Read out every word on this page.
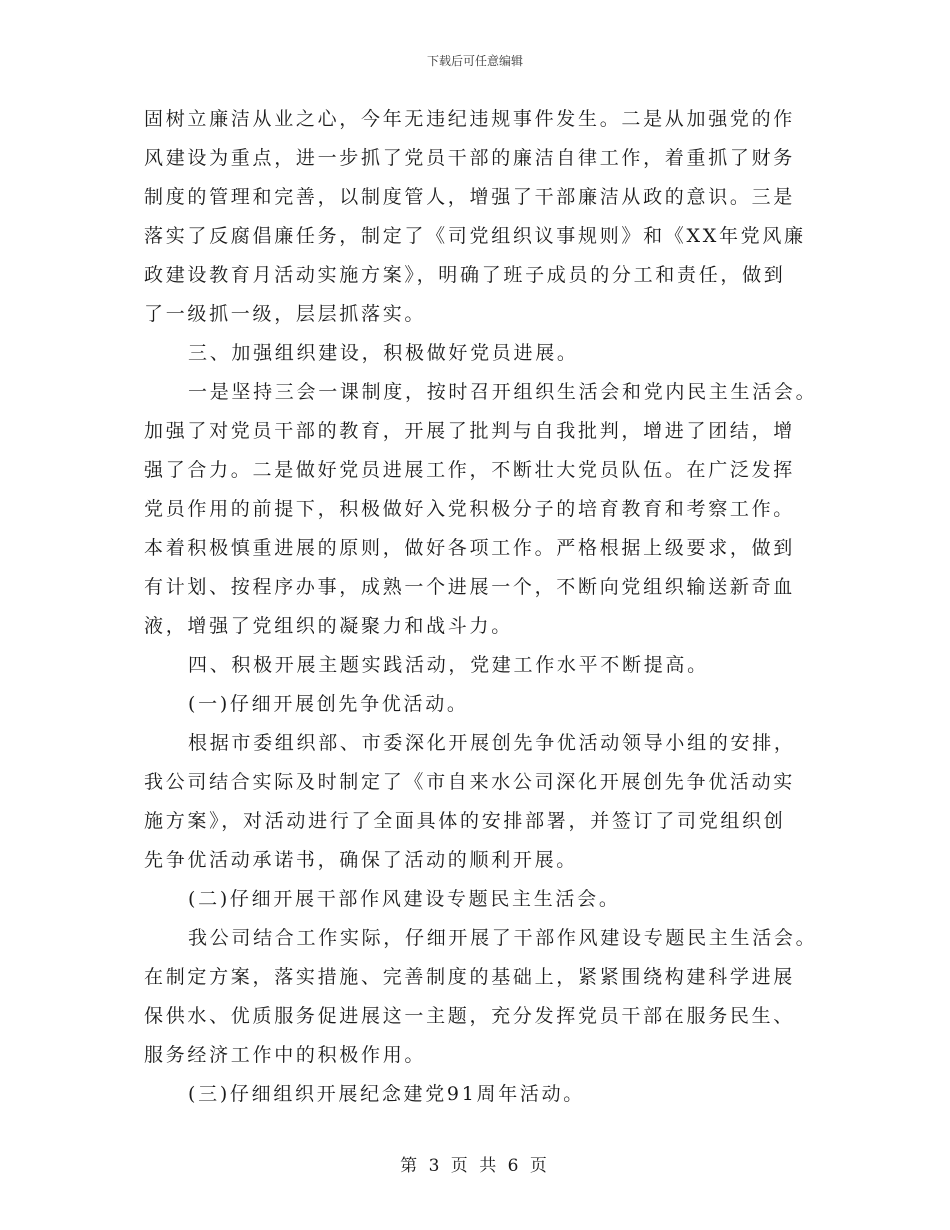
下载后可任意编辑
固树立廉洁从业之心，今年无违纪违规事件发生。二是从加强党的作
风建设为重点，进一步抓了党员干部的廉洁自律工作，着重抓了财务
制度的管理和完善，以制度管人，增强了干部廉洁从政的意识。三是
落实了反腐倡廉任务，制定了《司党组织议事规则》和《XX年党风廉
政建设教育月活动实施方案》，明确了班子成员的分工和责任，做到
了一级抓一级，层层抓落实。
三、加强组织建设，积极做好党员进展。
一是坚持三会一课制度，按时召开组织生活会和党内民主生活会。
加强了对党员干部的教育，开展了批判与自我批判，增进了团结，增
强了合力。二是做好党员进展工作，不断壮大党员队伍。在广泛发挥
党员作用的前提下，积极做好入党积极分子的培育教育和考察工作。
本着积极慎重进展的原则，做好各项工作。严格根据上级要求，做到
有计划、按程序办事，成熟一个进展一个，不断向党组织输送新奇血
液，增强了党组织的凝聚力和战斗力。
四、积极开展主题实践活动，党建工作水平不断提高。
(一)仔细开展创先争优活动。
根据市委组织部、市委深化开展创先争优活动领导小组的安排，
我公司结合实际及时制定了《市自来水公司深化开展创先争优活动实
施方案》，对活动进行了全面具体的安排部署，并签订了司党组织创
先争优活动承诺书，确保了活动的顺利开展。
(二)仔细开展干部作风建设专题民主生活会。
我公司结合工作实际，仔细开展了干部作风建设专题民主生活会。
在制定方案，落实措施、完善制度的基础上，紧紧围绕构建科学进展
保供水、优质服务促进展这一主题，充分发挥党员干部在服务民生、
服务经济工作中的积极作用。
(三)仔细组织开展纪念建党91周年活动。
第 3 页 共 6 页
